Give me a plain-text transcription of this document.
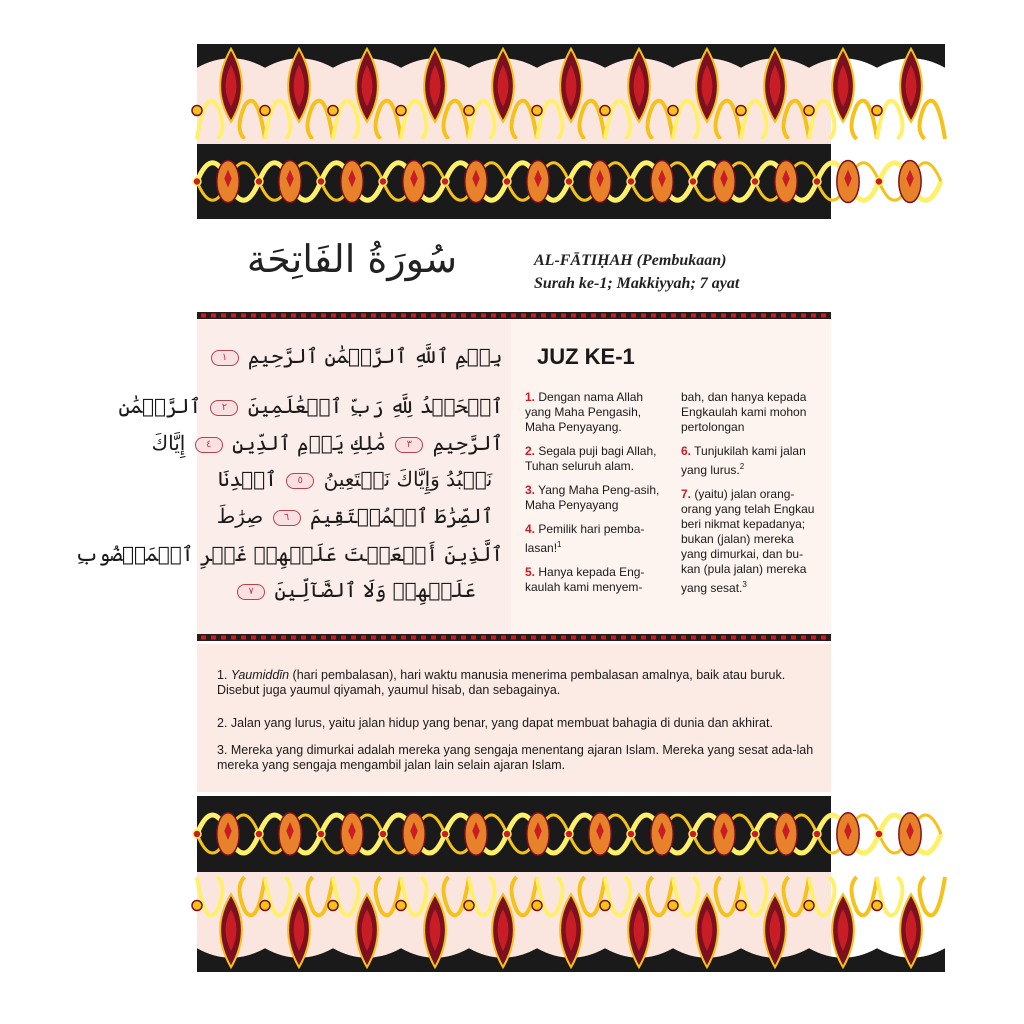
سُورَةُ الفَاتِحَة	AL-FĀTIḤAH (Pembukaan)
Surah ke-1; Makkiyyah; 7 ayat
بِسۡمِ ٱللَّهِ ٱلرَّحۡمَٰنِ ٱلرَّحِيمِ ١
ٱلۡحَمۡدُ لِلَّهِ رَبِّ ٱلۡعَٰلَمِينَ ٢ ٱلرَّحۡمَٰنِ
ٱلرَّحِيمِ ٣ مَٰلِكِ يَوۡمِ ٱلدِّينِ ٤ إِيَّاكَ
نَعۡبُدُ وَإِيَّاكَ نَسۡتَعِينُ ٥ ٱهۡدِنَا
ٱلصِّرَٰطَ ٱلۡمُسۡتَقِيمَ ٦ صِرَٰطَ
ٱلَّذِينَ أَنۡعَمۡتَ عَلَيۡهِمۡ غَيۡرِ ٱلۡمَغۡضُوبِ
عَلَيۡهِمۡ وَلَا ٱلضَّآلِّينَ ٧
JUZ KE-1

1. Dengan nama Allah yang Maha Pengasih, Maha Penyayang.

2. Segala puji bagi Allah, Tuhan seluruh alam.

3. Yang Maha Peng-asih, Maha Penyayang

4. Pemilik hari pemba-lasan!$^1$

5. Hanya kepada Eng-kaulah kami menyem-

bah, dan hanya kepada Engkaulah kami mohon pertolongan

6. Tunjukilah kami jalan yang lurus.$^2$

7. (yaitu) jalan orang-orang yang telah Engkau beri nikmat kepadanya; bukan (jalan) mereka yang dimurkai, dan bu-kan (pula jalan) mereka yang sesat.$^3$

1. Yaumiddīn (hari pembalasan), hari waktu manusia menerima pembalasan amalnya, baik atau buruk. Disebut juga yaumul qiyamah, yaumul hisab, dan sebagainya.

2. Jalan yang lurus, yaitu jalan hidup yang benar, yang dapat membuat bahagia di dunia dan akhirat.

3. Mereka yang dimurkai adalah mereka yang sengaja menentang ajaran Islam. Mereka yang sesat ada-lah mereka yang sengaja mengambil jalan lain selain ajaran Islam.
